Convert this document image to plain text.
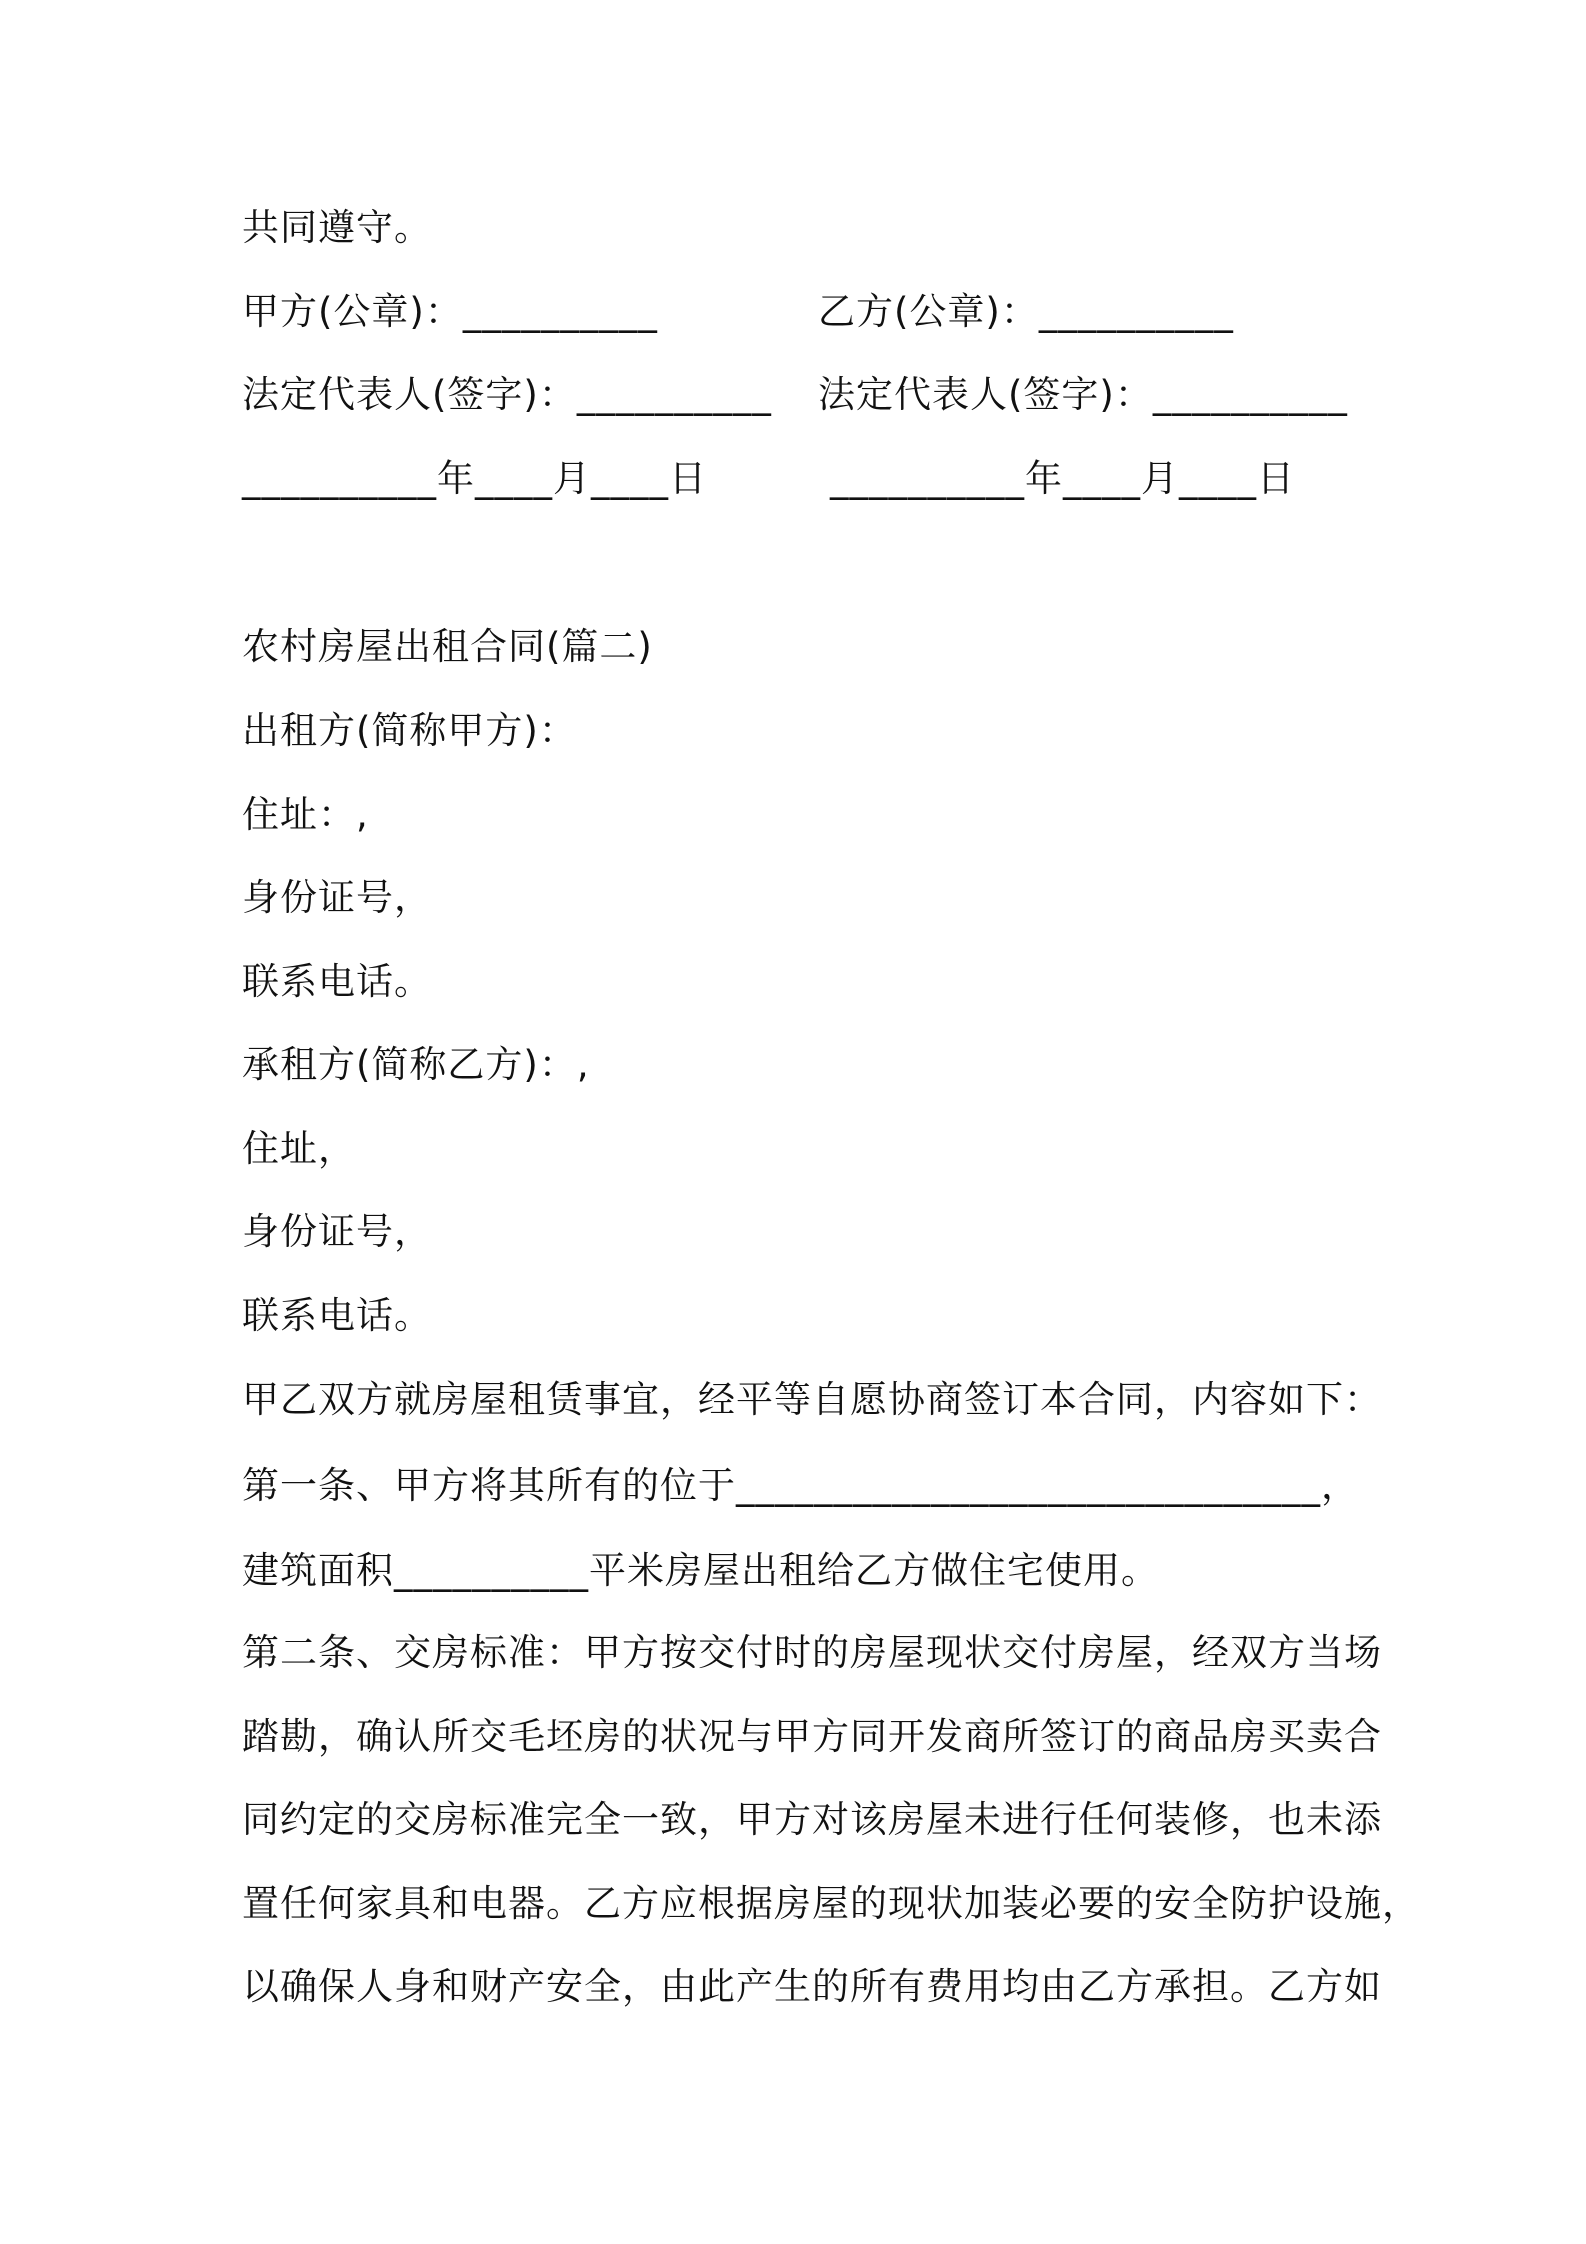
共同遵守。
甲方(公章)：__________	乙方(公章)：__________
法定代表人(签字)：__________ 法定代表人(签字)：__________
__________年____月____日	__________年____月____日
农村房屋出租合同(篇二)
出租方(简称甲方)：
住址：,
身份证号，
联系电话。
承租方(简称乙方)：,
住址，
身份证号，
联系电话。
甲乙双方就房屋租赁事宜，经平等自愿协商签订本合同，内容如下：
第一条、甲方将其所有的位于______________________________，
建筑面积__________平米房屋出租给乙方做住宅使用。
第二条、交房标准：甲方按交付时的房屋现状交付房屋，经双方当场
踏勘，确认所交毛坯房的状况与甲方同开发商所签订的商品房买卖合
同约定的交房标准完全一致，甲方对该房屋未进行任何装修，也未添
置任何家具和电器。乙方应根据房屋的现状加装必要的安全防护设施，
以确保人身和财产安全，由此产生的所有费用均由乙方承担。乙方如
